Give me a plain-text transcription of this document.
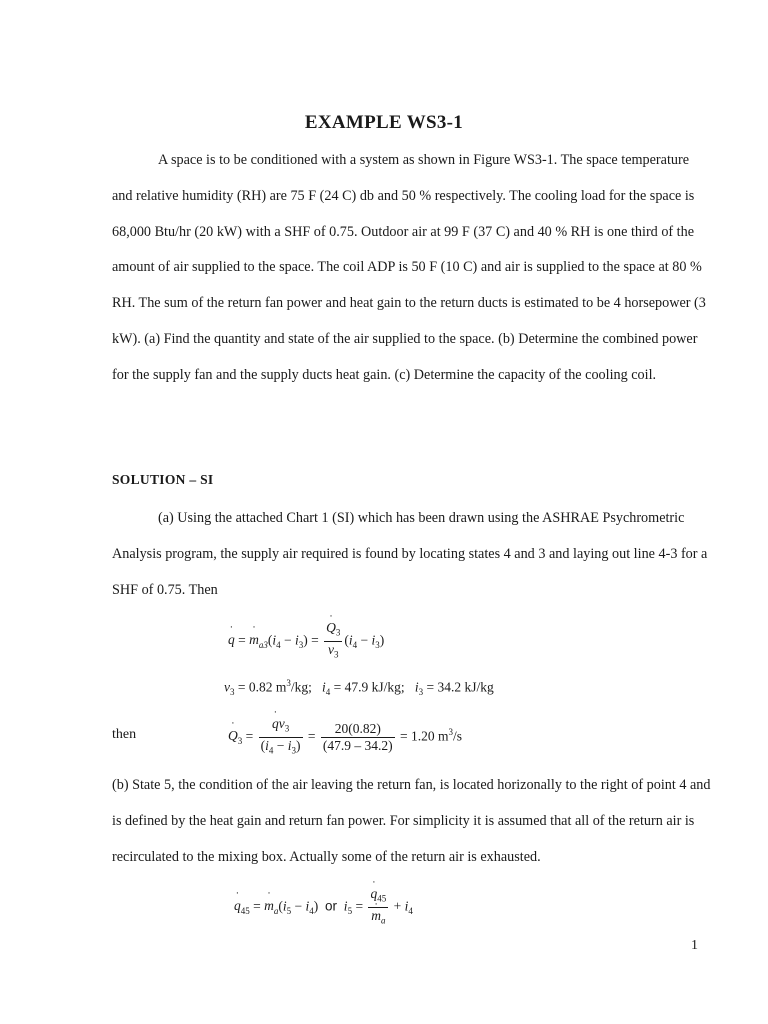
EXAMPLE WS3-1
A space is to be conditioned with a system as shown in Figure WS3-1. The space temperature and relative humidity (RH) are 75 F (24 C) db and 50 % respectively. The cooling load for the space is 68,000 Btu/hr (20 kW) with a SHF of 0.75. Outdoor air at 99 F (37 C) and 40 % RH is one third of the amount of air supplied to the space. The coil ADP is 50 F (10 C) and air is supplied to the space at 80 % RH. The sum of the return fan power and heat gain to the return ducts is estimated to be 4 horsepower (3 kW). (a) Find the quantity and state of the air supplied to the space. (b) Determine the combined power for the supply fan and the supply ducts heat gain. (c) Determine the capacity of the cooling coil.
SOLUTION – SI
(a) Using the attached Chart 1 (SI) which has been drawn using the ASHRAE Psychrometric Analysis program, the supply air required is found by locating states 4 and 3 and laying out line 4-3 for a SHF of 0.75. Then
˙ q = ˙ $m_{a3}(i_4 - i_3)$ = ˙ $\frac{Q_3}{v_3} (i_4 - i_3)$
$v_3 = 0.82$ $m^3/kg$;   $i_4 = 47.9$ kJ/kg;   $i_3 = 34.2$ kJ/kg
then	˙ $Q_3$ = ˙ $\frac{qv_3}{(i_4 - i_3)} = \frac{20(0.82)}{(47.9 - 34.2)} = 1.20$ $m^3/s$
(b) State 5, the condition of the air leaving the return fan, is located horizonally to the right of point 4 and is defined by the heat gain and return fan power. For simplicity it is assumed that all of the return air is recirculated to the mixing box. Actually some of the return air is exhausted.
˙ $q_{45}$ = ˙ $m_a(i_5 - i_4)$  or $i_5$ = ˙ $q_{45}$
˙ $m_a + i_4$
1
